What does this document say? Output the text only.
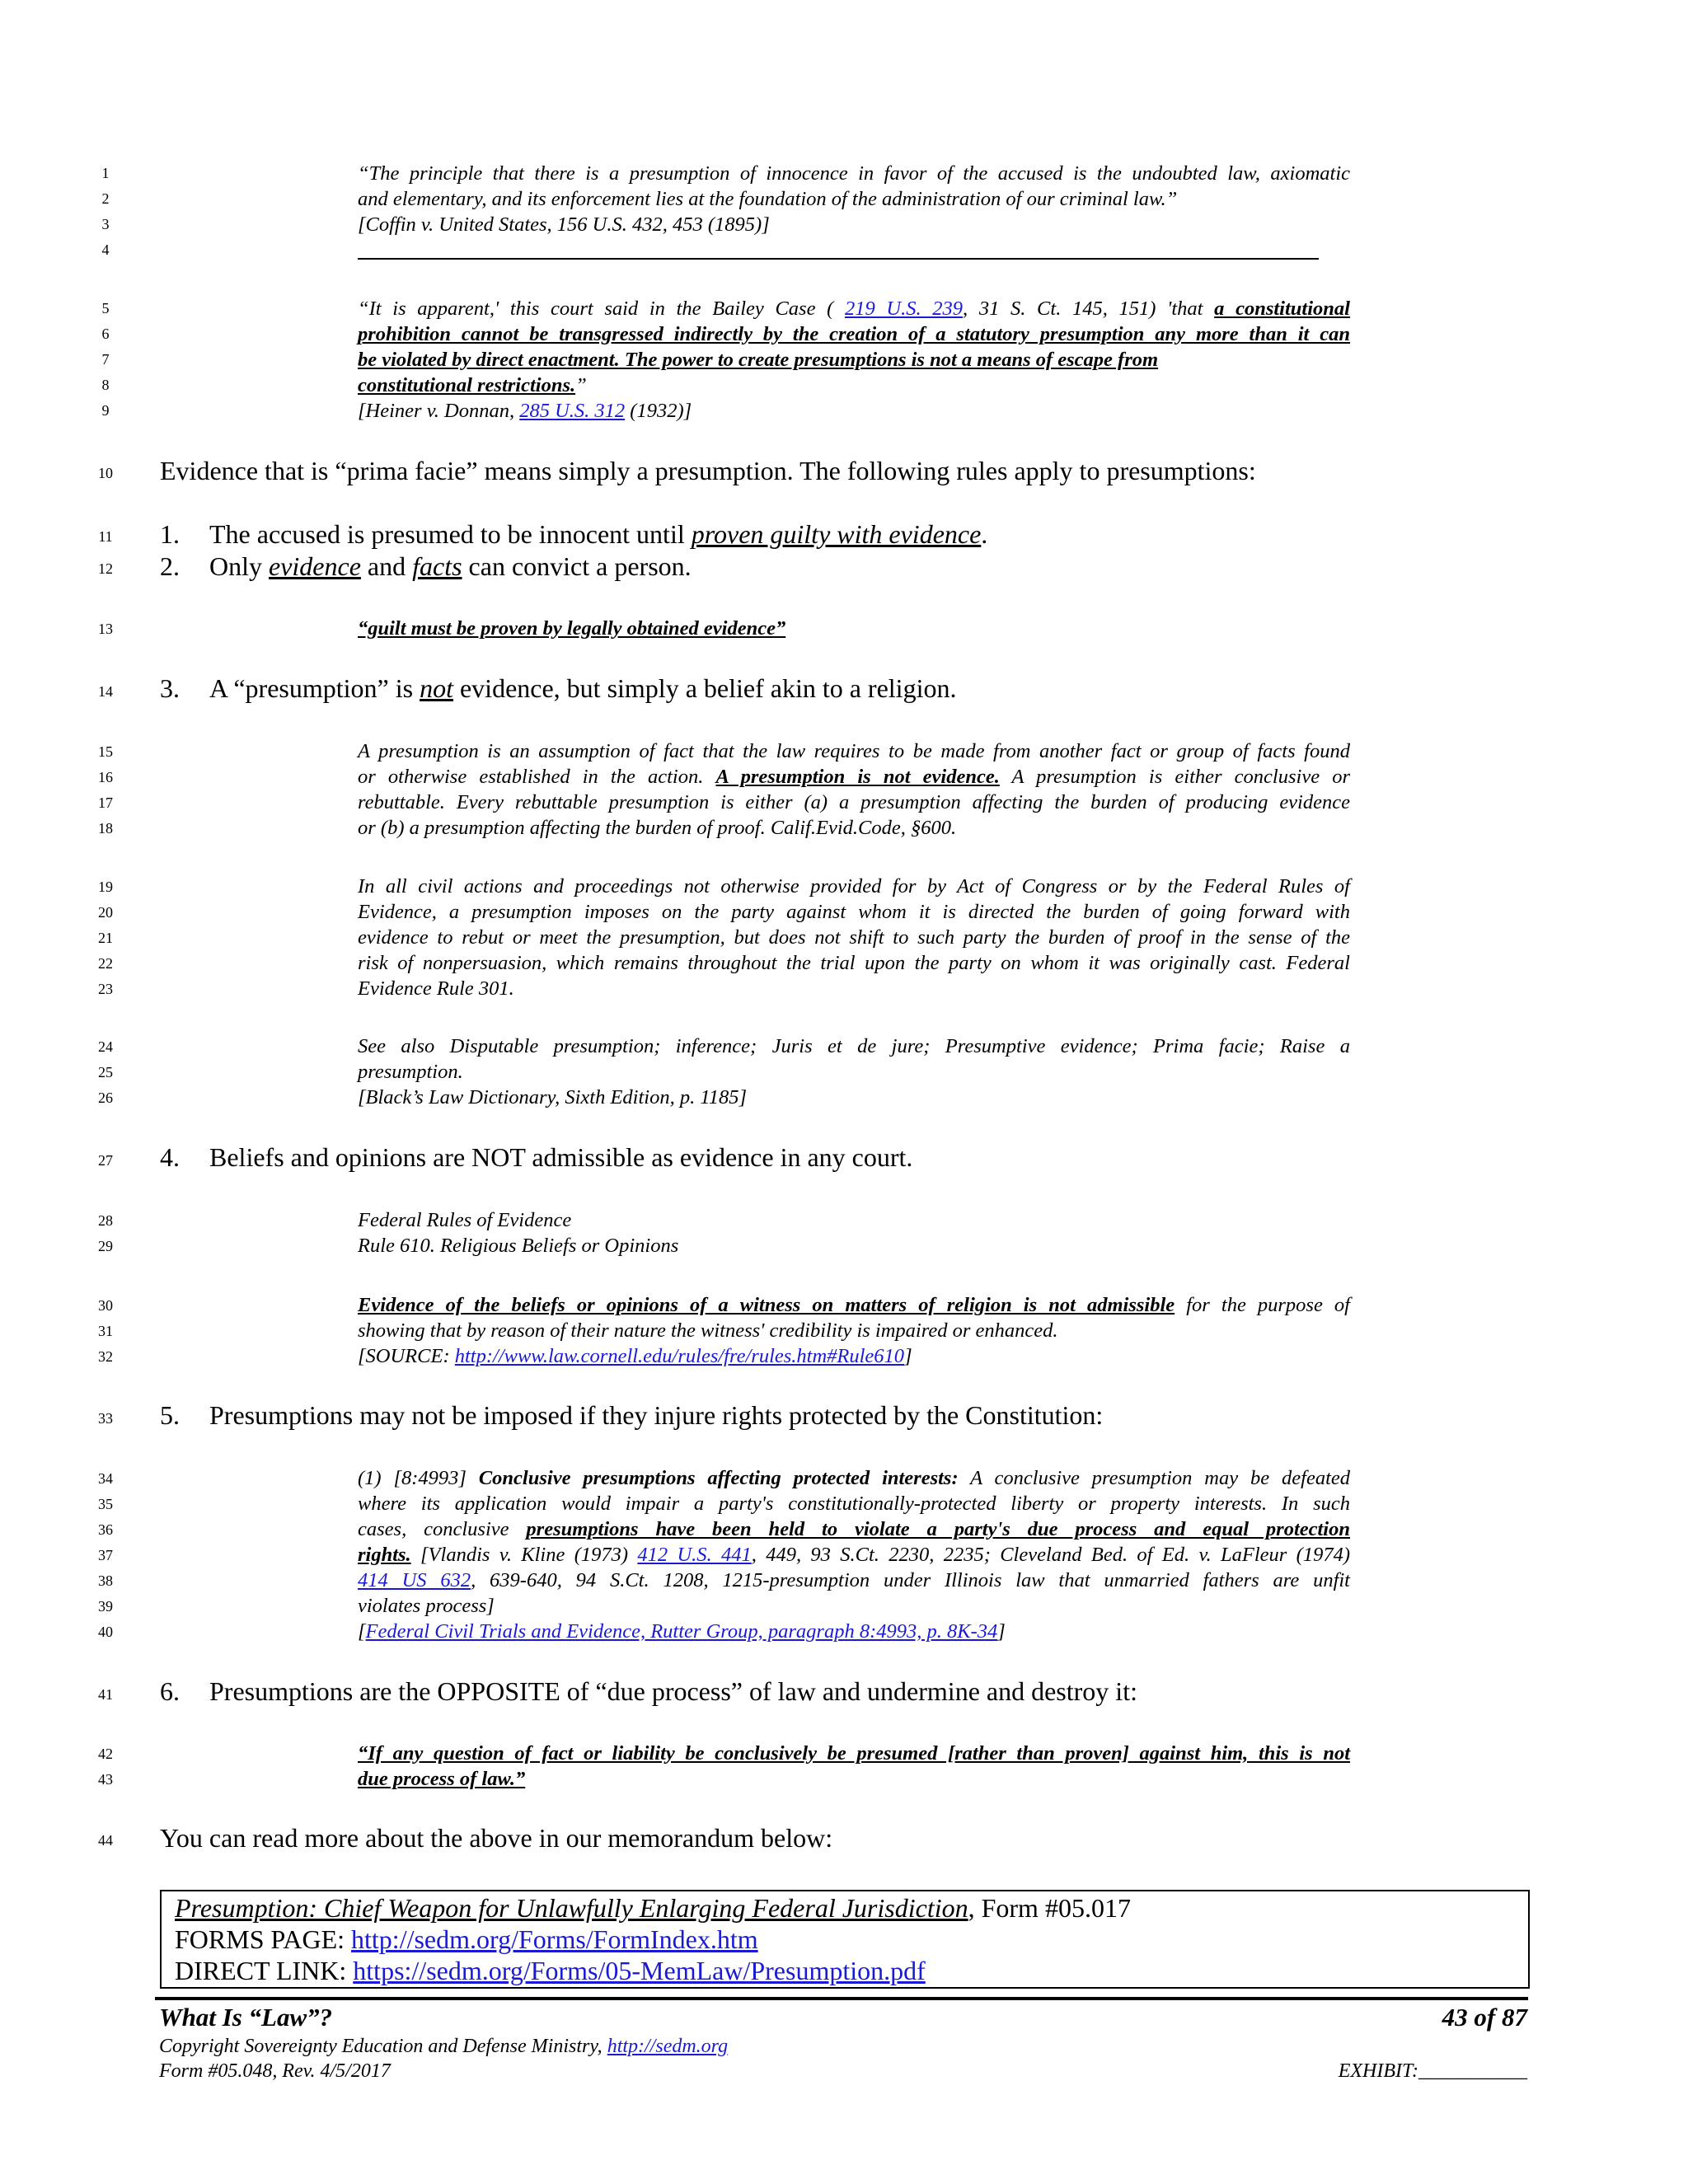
1
2
3
4
5
6
7
8
9
10
11
12
13
14
15
16
17
18
19
20
21
22
23
24
25
26
27
28
29
30
31
32
33
34
35
36
37
38
39
40
41
42
43
44
“The principle that there is a presumption of innocence in favor of the accused is the undoubted law, axiomatic
and elementary, and its enforcement lies at the foundation of the administration of our criminal law.”
[Coffin v. United States, 156 U.S. 432, 453 (1895)]
“It is apparent,' this court said in the Bailey Case ( 219 U.S. 239, 31 S. Ct. 145, 151) 'that a constitutional
prohibition cannot be transgressed indirectly by the creation of a statutory presumption any more than it can
be violated by direct enactment. The power to create presumptions is not a means of escape from
constitutional restrictions.”
[Heiner v. Donnan, 285 U.S. 312 (1932)]
Evidence that is “prima facie” means simply a presumption. The following rules apply to presumptions:
1. The accused is presumed to be innocent until proven guilty with evidence.
2. Only evidence and facts can convict a person.
“guilt must be proven by legally obtained evidence”
3. A “presumption” is not evidence, but simply a belief akin to a religion.
A presumption is an assumption of fact that the law requires to be made from another fact or group of facts found
or otherwise established in the action. A presumption is not evidence. A presumption is either conclusive or
rebuttable. Every rebuttable presumption is either (a) a presumption affecting the burden of producing evidence
or (b) a presumption affecting the burden of proof. Calif.Evid.Code, §600.
In all civil actions and proceedings not otherwise provided for by Act of Congress or by the Federal Rules of
Evidence, a presumption imposes on the party against whom it is directed the burden of going forward with
evidence to rebut or meet the presumption, but does not shift to such party the burden of proof in the sense of the
risk of nonpersuasion, which remains throughout the trial upon the party on whom it was originally cast. Federal
Evidence Rule 301.
See also Disputable presumption; inference; Juris et de jure; Presumptive evidence; Prima facie; Raise a
presumption.
[Black’s Law Dictionary, Sixth Edition, p. 1185]
4. Beliefs and opinions are NOT admissible as evidence in any court.
Federal Rules of Evidence
Rule 610. Religious Beliefs or Opinions
Evidence of the beliefs or opinions of a witness on matters of religion is not admissible for the purpose of
showing that by reason of their nature the witness' credibility is impaired or enhanced.
[SOURCE: http://www.law.cornell.edu/rules/fre/rules.htm#Rule610]
5. Presumptions may not be imposed if they injure rights protected by the Constitution:
(1) [8:4993] Conclusive presumptions affecting protected interests: A conclusive presumption may be defeated
where its application would impair a party's constitutionally-protected liberty or property interests. In such
cases, conclusive presumptions have been held to violate a party's due process and equal protection
rights. [Vlandis v. Kline (1973) 412 U.S. 441, 449, 93 S.Ct. 2230, 2235; Cleveland Bed. of Ed. v. LaFleur (1974)
414 US 632, 639-640, 94 S.Ct. 1208, 1215-presumption under Illinois law that unmarried fathers are unfit
violates process]
[Federal Civil Trials and Evidence, Rutter Group, paragraph 8:4993, p. 8K-34]
6. Presumptions are the OPPOSITE of “due process” of law and undermine and destroy it:
“If any question of fact or liability be conclusively be presumed [rather than proven] against him, this is not
due process of law.”
You can read more about the above in our memorandum below:
Presumption: Chief Weapon for Unlawfully Enlarging Federal Jurisdiction, Form #05.017
FORMS PAGE: http://sedm.org/Forms/FormIndex.htm
DIRECT LINK: https://sedm.org/Forms/05-MemLaw/Presumption.pdf
What Is “Law”?	43 of 87
Copyright Sovereignty Education and Defense Ministry, http://sedm.org
Form #05.048, Rev. 4/5/2017	EXHIBIT:___________
